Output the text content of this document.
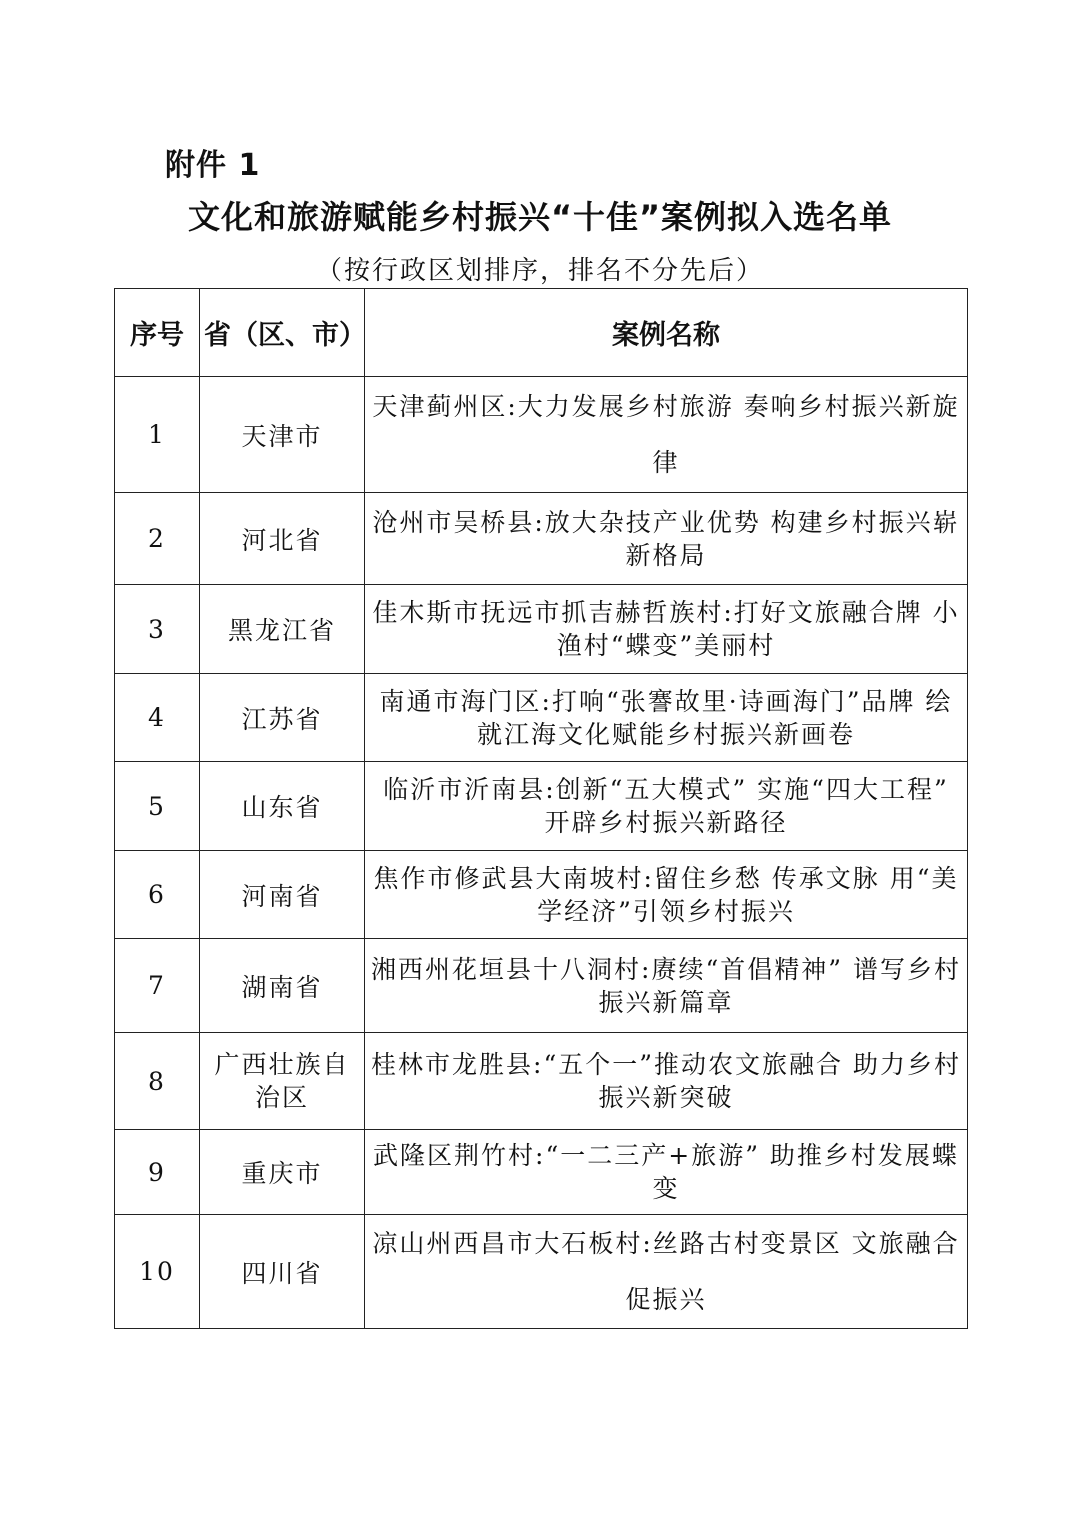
附件 1
文化和旅游赋能乡村振兴“十佳”案例拟入选名单
（按行政区划排序，排名不分先后）
序号	省（区、市）	案例名称
1	天津市	天津蓟州区:大力发展乡村旅游 奏响乡村振兴新旋律
2	河北省	沧州市吴桥县:放大杂技产业优势 构建乡村振兴崭新格局
3	黑龙江省	佳木斯市抚远市抓吉赫哲族村:打好文旅融合牌 小渔村“蝶变”美丽村
4	江苏省	南通市海门区:打响“张謇故里·诗画海门”品牌 绘就江海文化赋能乡村振兴新画卷
5	山东省	临沂市沂南县:创新“五大模式” 实施“四大工程” 开辟乡村振兴新路径
6	河南省	焦作市修武县大南坡村:留住乡愁 传承文脉 用“美学经济”引领乡村振兴
7	湖南省	湘西州花垣县十八洞村:赓续“首倡精神” 谱写乡村振兴新篇章
8	广西壮族自治区	桂林市龙胜县:“五个一”推动农文旅融合 助力乡村振兴新突破
9	重庆市	武隆区荆竹村:“一二三产+旅游” 助推乡村发展蝶变
10	四川省	凉山州西昌市大石板村:丝路古村变景区 文旅融合促振兴
